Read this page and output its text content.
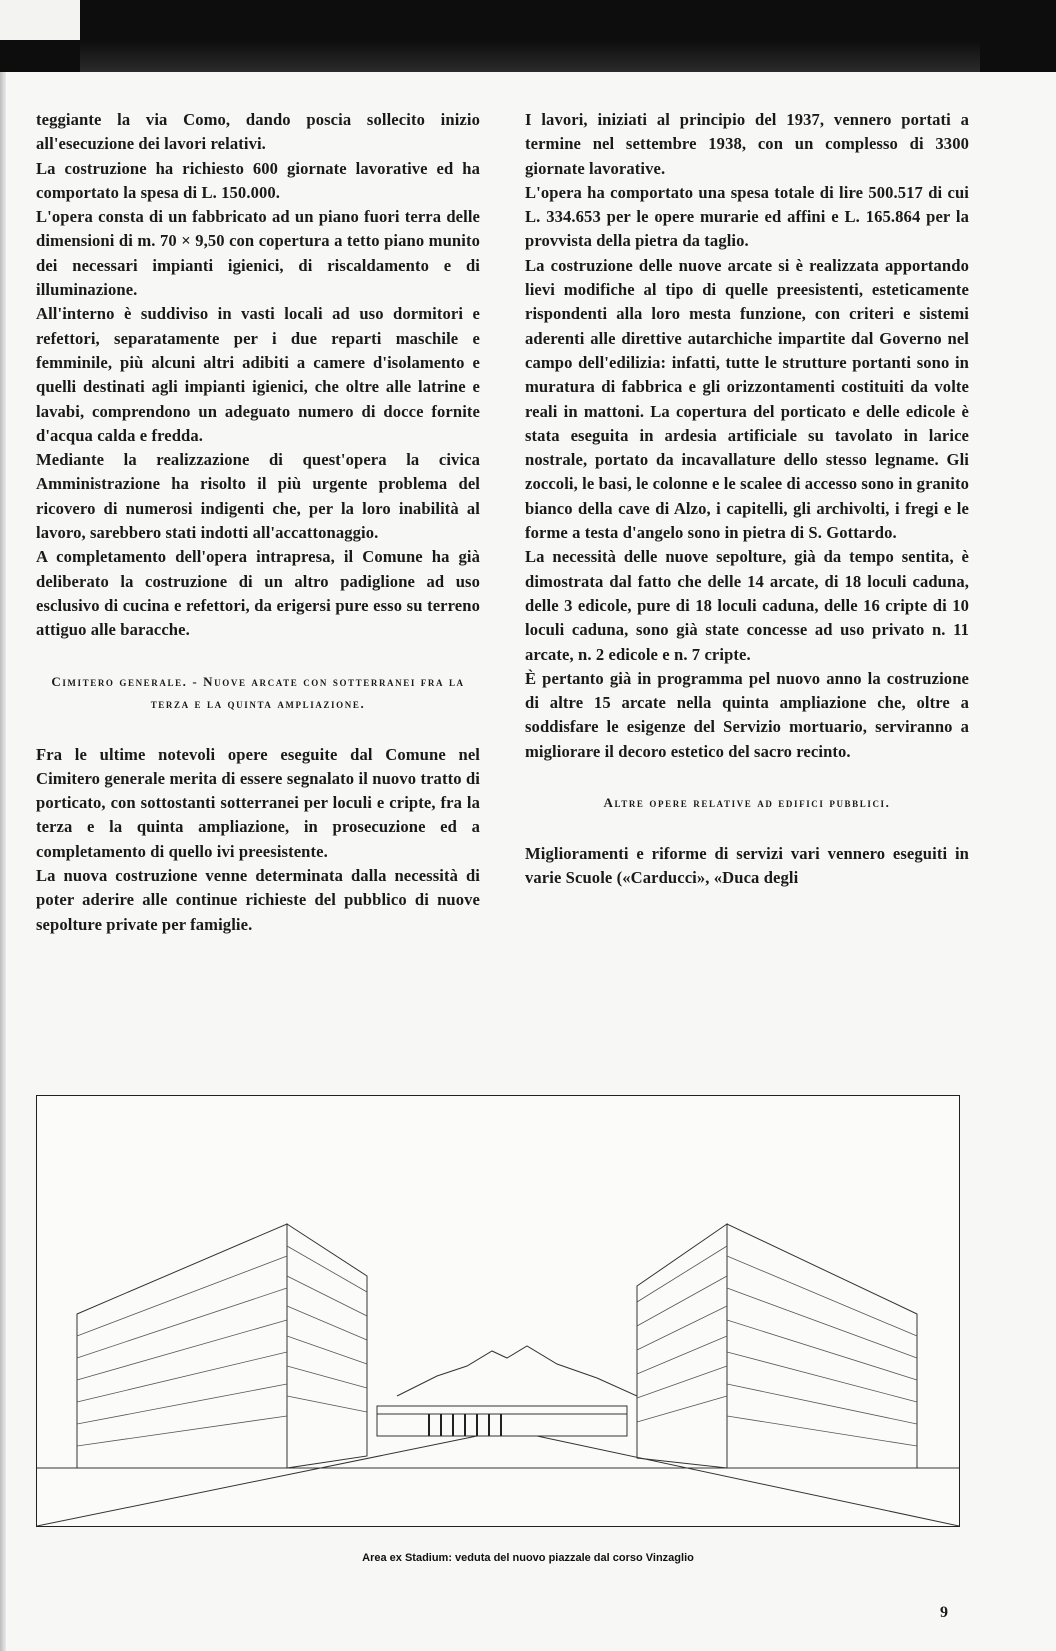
teggiante la via Como, dando poscia sollecito inizio all'esecuzione dei lavori relativi.

La costruzione ha richiesto 600 giornate lavorative ed ha comportato la spesa di L. 150.000.

L'opera consta di un fabbricato ad un piano fuori terra delle dimensioni di m. 70 × 9,50 con copertura a tetto piano munito dei necessari impianti igienici, di riscaldamento e di illuminazione.

All'interno è suddiviso in vasti locali ad uso dormitori e refettori, separatamente per i due reparti maschile e femminile, più alcuni altri adibiti a camere d'isolamento e quelli destinati agli impianti igienici, che oltre alle latrine e lavabi, comprendono un adeguato numero di docce fornite d'acqua calda e fredda.

Mediante la realizzazione di quest'opera la civica Amministrazione ha risolto il più urgente problema del ricovero di numerosi indigenti che, per la loro inabilità al lavoro, sarebbero stati indotti all'accattonaggio.

A completamento dell'opera intrapresa, il Comune ha già deliberato la costruzione di un altro padiglione ad uso esclusivo di cucina e refettori, da erigersi pure esso su terreno attiguo alle baracche.

Cimitero generale. - Nuove arcate con sotterranei fra la terza e la quinta ampliazione.

Fra le ultime notevoli opere eseguite dal Comune nel Cimitero generale merita di essere segnalato il nuovo tratto di porticato, con sottostanti sotterranei per loculi e cripte, fra la terza e la quinta ampliazione, in prosecuzione ed a completamento di quello ivi preesistente.

La nuova costruzione venne determinata dalla necessità di poter aderire alle continue richieste del pubblico di nuove sepolture private per famiglie.

I lavori, iniziati al principio del 1937, vennero portati a termine nel settembre 1938, con un complesso di 3300 giornate lavorative.

L'opera ha comportato una spesa totale di lire 500.517 di cui L. 334.653 per le opere murarie ed affini e L. 165.864 per la provvista della pietra da taglio.

La costruzione delle nuove arcate si è realizzata apportando lievi modifiche al tipo di quelle preesistenti, esteticamente rispondenti alla loro mesta funzione, con criteri e sistemi aderenti alle direttive autarchiche impartite dal Governo nel campo dell'edilizia: infatti, tutte le strutture portanti sono in muratura di fabbrica e gli orizzontamenti costituiti da volte reali in mattoni. La copertura del porticato e delle edicole è stata eseguita in ardesia artificiale su tavolato in larice nostrale, portato da incavallature dello stesso legname. Gli zoccoli, le basi, le colonne e le scalee di accesso sono in granito bianco della cave di Alzo, i capitelli, gli archivolti, i fregi e le forme a testa d'angelo sono in pietra di S. Gottardo.

La necessità delle nuove sepolture, già da tempo sentita, è dimostrata dal fatto che delle 14 arcate, di 18 loculi caduna, delle 3 edicole, pure di 18 loculi caduna, delle 16 cripte di 10 loculi caduna, sono già state concesse ad uso privato n. 11 arcate, n. 2 edicole e n. 7 cripte.

È pertanto già in programma pel nuovo anno la costruzione di altre 15 arcate nella quinta ampliazione che, oltre a soddisfare le esigenze del Servizio mortuario, serviranno a migliorare il decoro estetico del sacro recinto.

Altre opere relative ad edifici pubblici.

Miglioramenti e riforme di servizi vari vennero eseguiti in varie Scuole («Carducci», «Duca degli

Area ex Stadium: veduta del nuovo piazzale dal corso Vinzaglio
9
